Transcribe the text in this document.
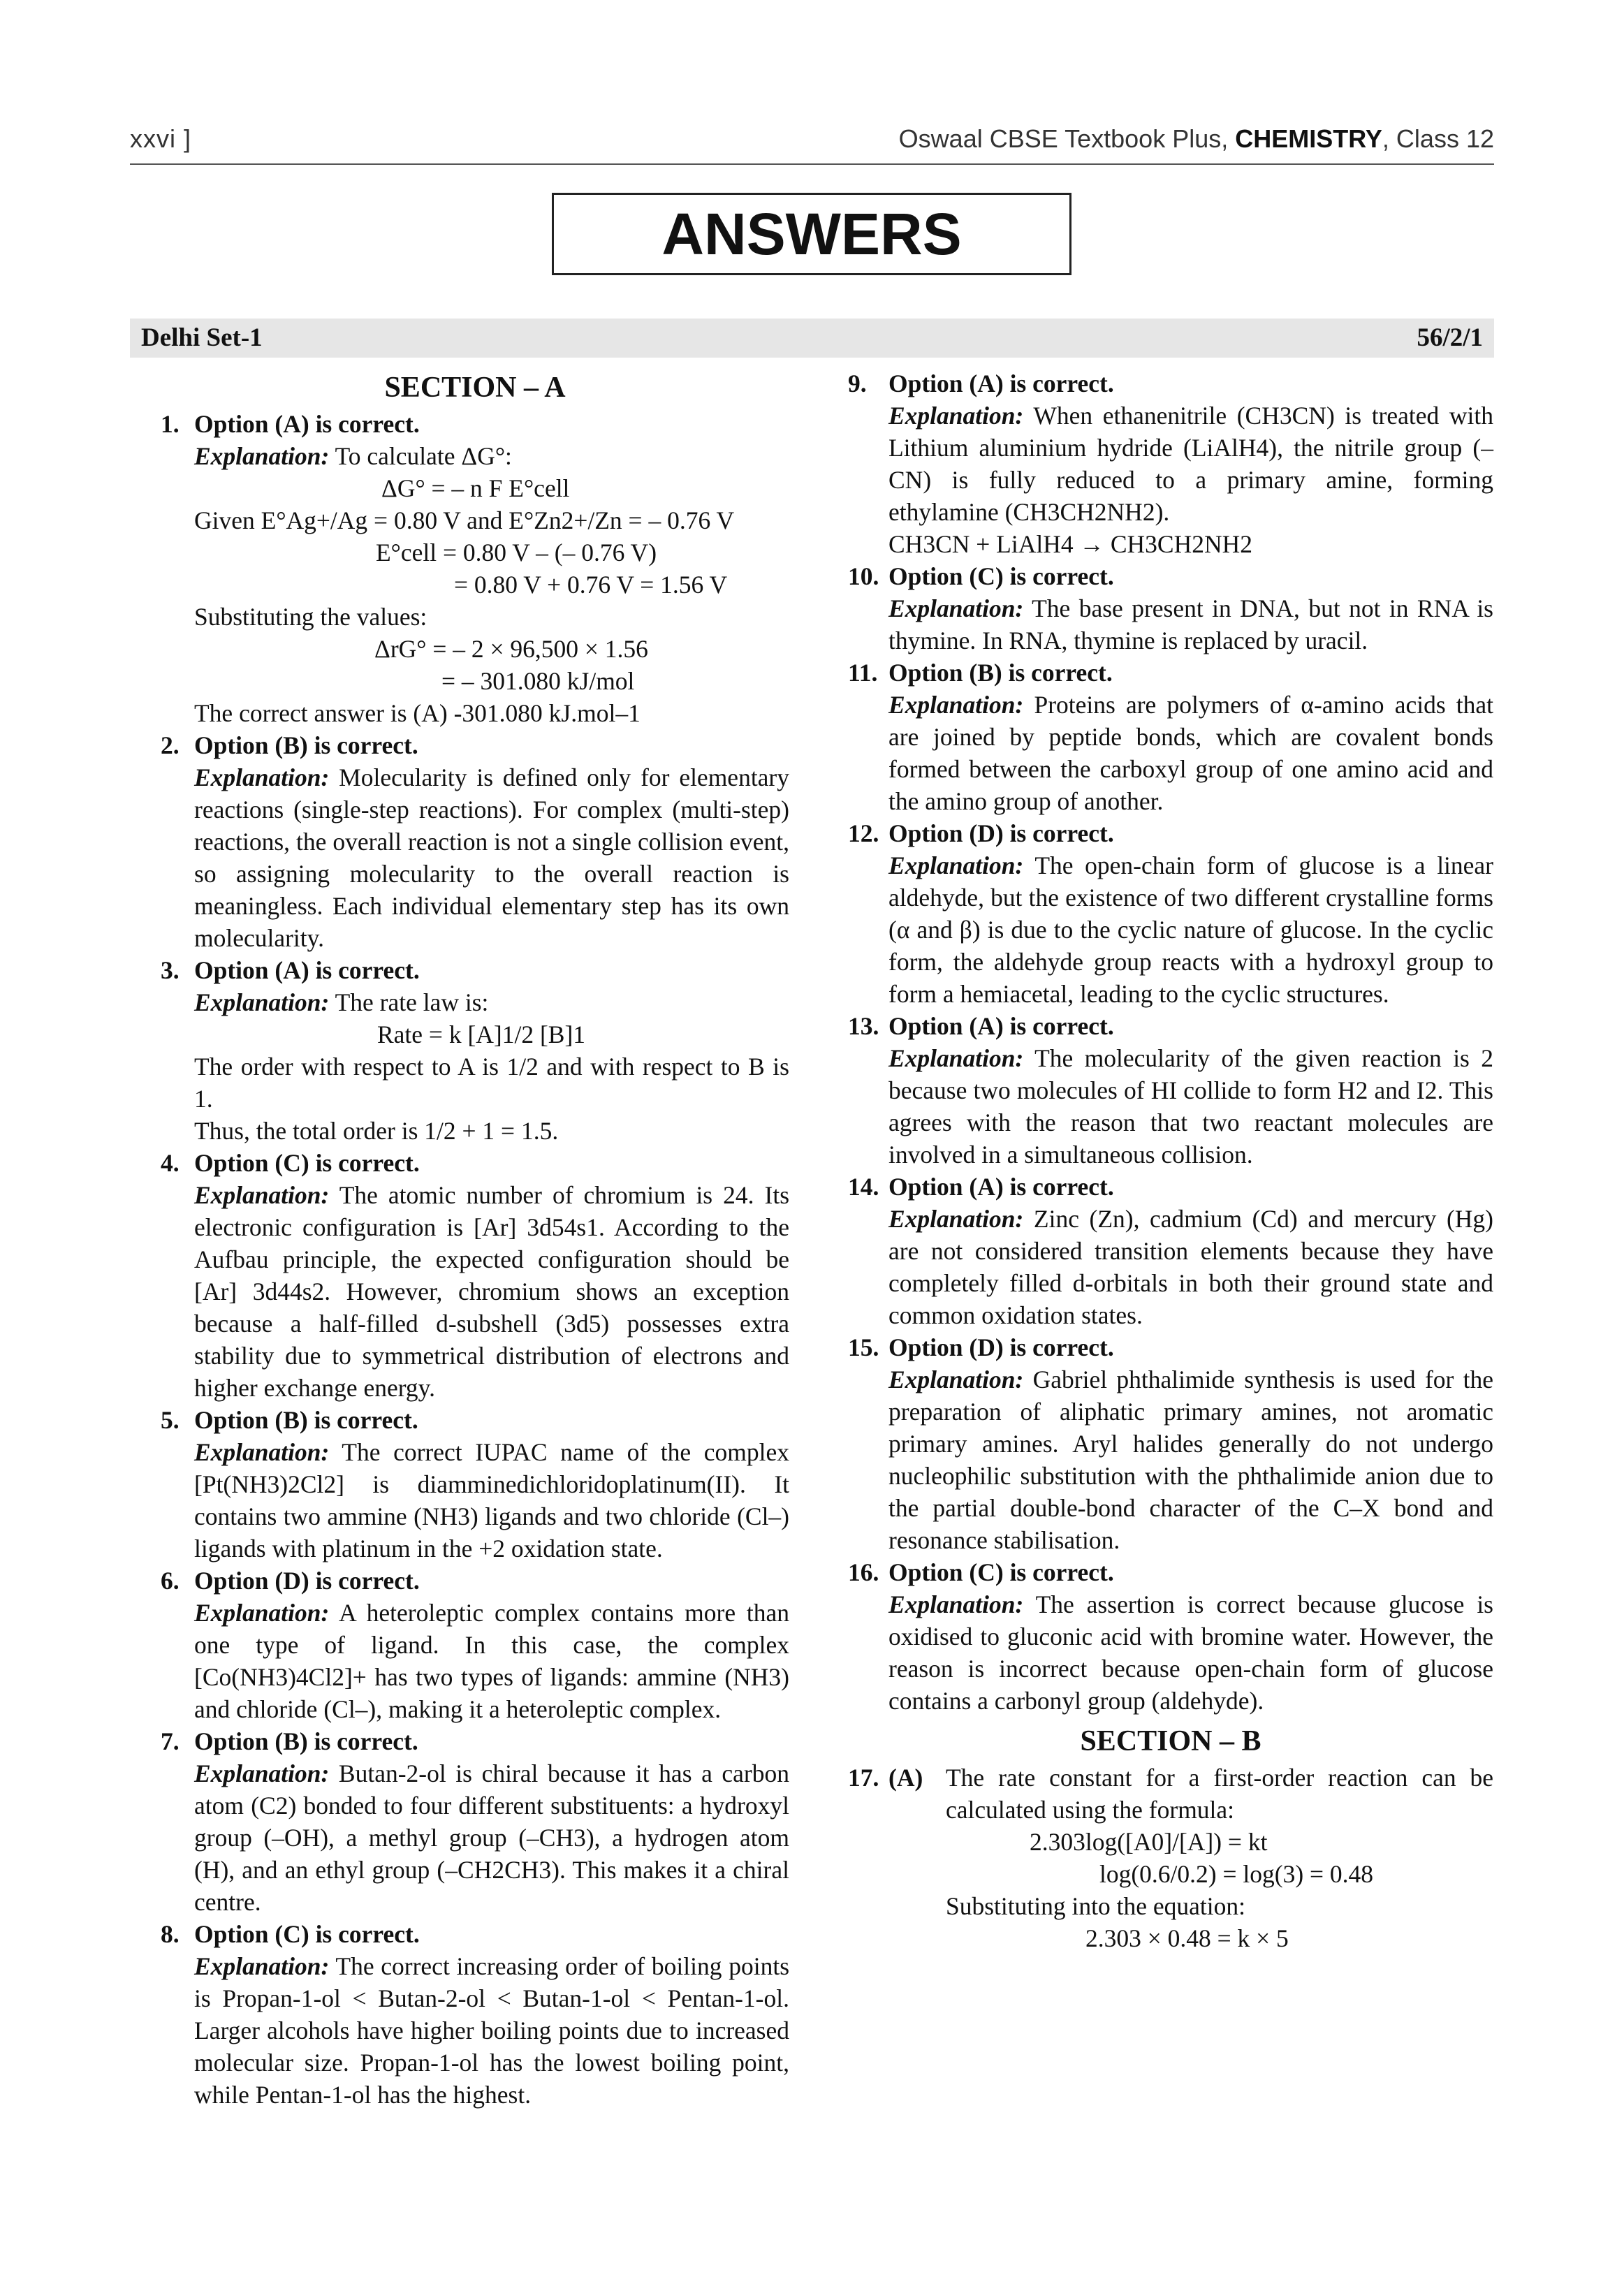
xxvi ]	Oswaal CBSE Textbook Plus, CHEMISTRY, Class 12
ANSWERS
Delhi Set-1	56/2/1
SECTION – A
1. Option (A) is correct.
Explanation: To calculate ΔG°:
ΔG° = – n F E°cell
Given E°Ag+/Ag = 0.80 V and E°Zn2+/Zn = – 0.76 V
E°cell = 0.80 V – (– 0.76 V)
= 0.80 V + 0.76 V = 1.56 V
Substituting the values:
ΔrG° = – 2 × 96,500 × 1.56
= – 301.080 kJ/mol
The correct answer is (A) -301.080 kJ.mol–1
2. Option (B) is correct.
Explanation: Molecularity is defined only for elementary reactions (single-step reactions). For complex (multi-step) reactions, the overall reaction is not a single collision event, so assigning molecularity to the overall reaction is meaningless. Each individual elementary step has its own molecularity.
3. Option (A) is correct.
Explanation: The rate law is:
Rate = k [A]1/2 [B]1
The order with respect to A is 1/2 and with respect to B is 1.
Thus, the total order is 1/2 + 1 = 1.5.
4. Option (C) is correct.
Explanation: The atomic number of chromium is 24. Its electronic configuration is [Ar] 3d54s1. According to the Aufbau principle, the expected configuration should be [Ar] 3d44s2. However, chromium shows an exception because a half-filled d-subshell (3d5) possesses extra stability due to symmetrical distribution of electrons and higher exchange energy.
5. Option (B) is correct.
Explanation: The correct IUPAC name of the complex [Pt(NH3)2Cl2] is diamminedichloridoplatinum(II). It contains two ammine (NH3) ligands and two chloride (Cl–) ligands with platinum in the +2 oxidation state.
6. Option (D) is correct.
Explanation: A heteroleptic complex contains more than one type of ligand. In this case, the complex [Co(NH3)4Cl2]+ has two types of ligands: ammine (NH3) and chloride (Cl–), making it a heteroleptic complex.
7. Option (B) is correct.
Explanation: Butan-2-ol is chiral because it has a carbon atom (C2) bonded to four different substituents: a hydroxyl group (–OH), a methyl group (–CH3), a hydrogen atom (H), and an ethyl group (–CH2CH3). This makes it a chiral centre.
8. Option (C) is correct.
Explanation: The correct increasing order of boiling points is Propan-1-ol < Butan-2-ol < Butan-1-ol < Pentan-1-ol. Larger alcohols have higher boiling points due to increased molecular size. Propan-1-ol has the lowest boiling point, while Pentan-1-ol has the highest.
9. Option (A) is correct.
Explanation: When ethanenitrile (CH3CN) is treated with Lithium aluminium hydride (LiAlH4), the nitrile group (–CN) is fully reduced to a primary amine, forming ethylamine (CH3CH2NH2).
CH3CN + LiAlH4 → CH3CH2NH2
10. Option (C) is correct.
Explanation: The base present in DNA, but not in RNA is thymine. In RNA, thymine is replaced by uracil.
11. Option (B) is correct.
Explanation: Proteins are polymers of α-amino acids that are joined by peptide bonds, which are covalent bonds formed between the carboxyl group of one amino acid and the amino group of another.
12. Option (D) is correct.
Explanation: The open-chain form of glucose is a linear aldehyde, but the existence of two different crystalline forms (α and β) is due to the cyclic nature of glucose. In the cyclic form, the aldehyde group reacts with a hydroxyl group to form a hemiacetal, leading to the cyclic structures.
13. Option (A) is correct.
Explanation: The molecularity of the given reaction is 2 because two molecules of HI collide to form H2 and I2. This agrees with the reason that two reactant molecules are involved in a simultaneous collision.
14. Option (A) is correct.
Explanation: Zinc (Zn), cadmium (Cd) and mercury (Hg) are not considered transition elements because they have completely filled d-orbitals in both their ground state and common oxidation states.
15. Option (D) is correct.
Explanation: Gabriel phthalimide synthesis is used for the preparation of aliphatic primary amines, not aromatic primary amines. Aryl halides generally do not undergo nucleophilic substitution with the phthalimide anion due to the partial double-bond character of the C–X bond and resonance stabilisation.
16. Option (C) is correct.
Explanation: The assertion is correct because glucose is oxidised to gluconic acid with bromine water. However, the reason is incorrect because open-chain form of glucose contains a carbonyl group (aldehyde).
SECTION – B
17. (A) The rate constant for a first-order reaction can be calculated using the formula:
2.303log([A0]/[A]) = kt
log(0.6/0.2) = log(3) = 0.48
Substituting into the equation:
2.303 × 0.48 = k × 5
